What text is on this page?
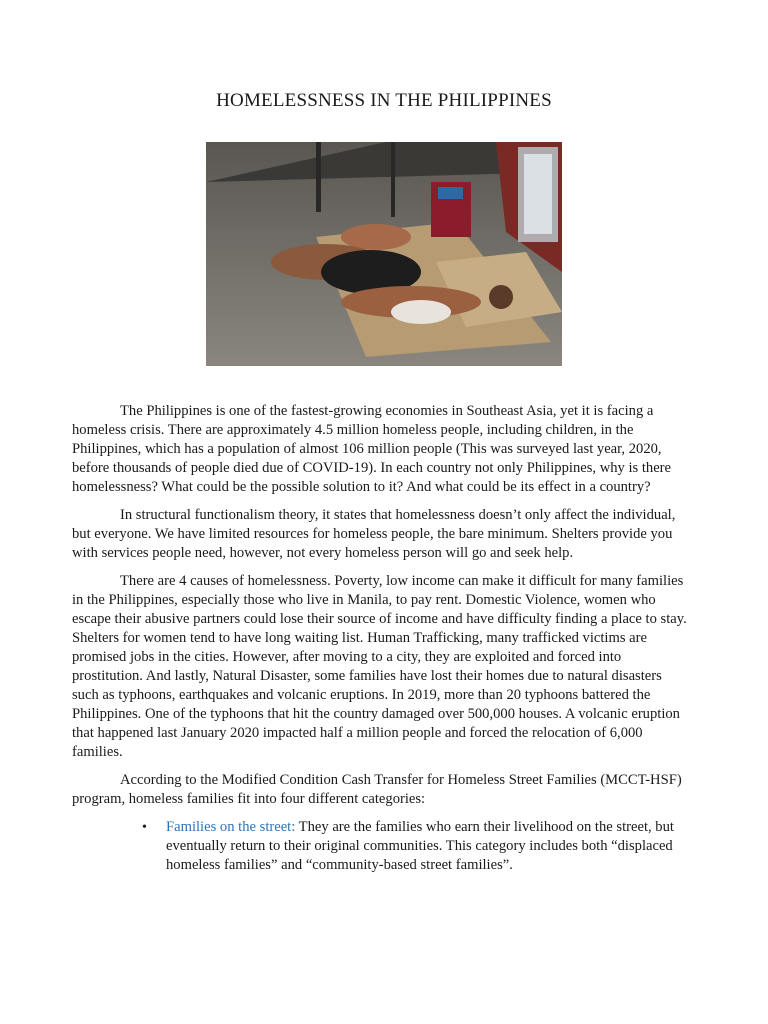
HOMELESSNESS IN THE PHILIPPINES

The Philippines is one of the fastest-growing economies in Southeast Asia, yet it is facing a homeless crisis. There are approximately 4.5 million homeless people, including children, in the Philippines, which has a population of almost 106 million people (This was surveyed last year, 2020, before thousands of people died due of COVID-19). In each country not only Philippines, why is there homelessness? What could be the possible solution to it? And what could be its effect in a country?

In structural functionalism theory, it states that homelessness doesn’t only affect the individual, but everyone. We have limited resources for homeless people, the bare minimum. Shelters provide you with services people need, however, not every homeless person will go and seek help.

There are 4 causes of homelessness. Poverty, low income can make it difficult for many families in the Philippines, especially those who live in Manila, to pay rent. Domestic Violence, women who escape their abusive partners could lose their source of income and have difficulty finding a place to stay. Shelters for women tend to have long waiting list. Human Trafficking, many trafficked victims are promised jobs in the cities. However, after moving to a city, they are exploited and forced into prostitution. And lastly, Natural Disaster, some families have lost their homes due to natural disasters such as typhoons, earthquakes and volcanic eruptions. In 2019, more than 20 typhoons battered the Philippines. One of the typhoons that hit the country damaged over 500,000 houses. A volcanic eruption that happened last January 2020 impacted half a million people and forced the relocation of 6,000 families.

According to the Modified Condition Cash Transfer for Homeless Street Families (MCCT-HSF) program, homeless families fit into four different categories:

• Families on the street: They are the families who earn their livelihood on the street, but eventually return to their original communities. This category includes both “displaced homeless families” and “community-based street families”.
